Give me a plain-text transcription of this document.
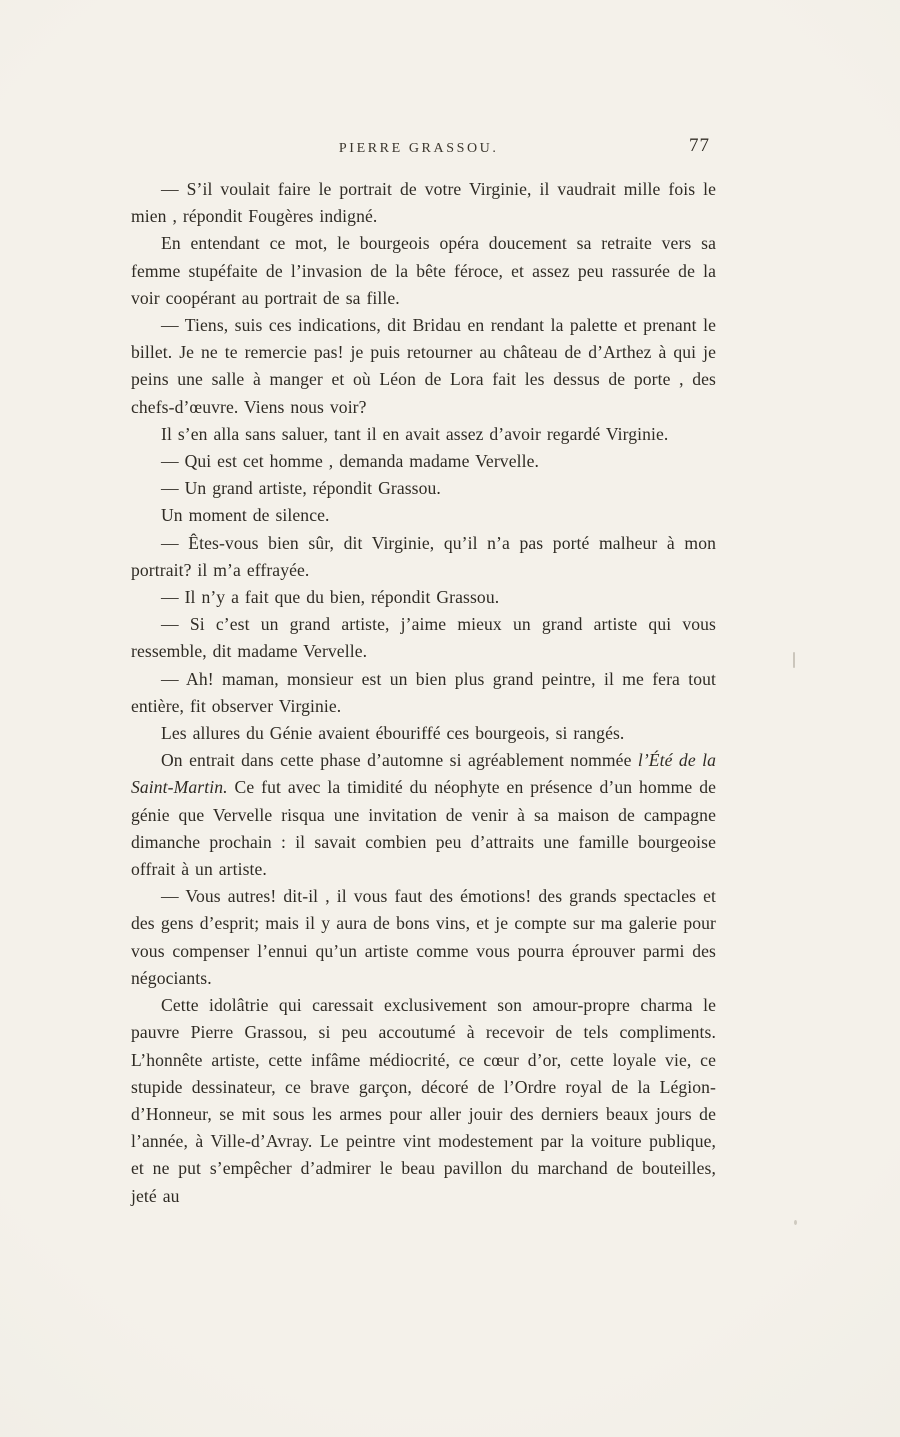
PIERRE GRASSOU.	77

— S’il voulait faire le portrait de votre Virginie, il vaudrait mille fois le mien , répondit Fougères indigné.

En entendant ce mot, le bourgeois opéra doucement sa retraite vers sa femme stupéfaite de l’invasion de la bête féroce, et assez peu rassurée de la voir coopérant au portrait de sa fille.

— Tiens, suis ces indications, dit Bridau en rendant la palette et prenant le billet. Je ne te remercie pas! je puis retourner au château de d’Arthez à qui je peins une salle à manger et où Léon de Lora fait les dessus de porte , des chefs-d’œuvre. Viens nous voir?

Il s’en alla sans saluer, tant il en avait assez d’avoir regardé Virginie.

— Qui est cet homme , demanda madame Vervelle.

— Un grand artiste, répondit Grassou.

Un moment de silence.

— Êtes-vous bien sûr, dit Virginie, qu’il n’a pas porté malheur à mon portrait? il m’a effrayée.

— Il n’y a fait que du bien, répondit Grassou.

— Si c’est un grand artiste, j’aime mieux un grand artiste qui vous ressemble, dit madame Vervelle.

— Ah! maman, monsieur est un bien plus grand peintre, il me fera tout entière, fit observer Virginie.

Les allures du Génie avaient ébouriffé ces bourgeois, si rangés.

On entrait dans cette phase d’automne si agréablement nommée l’Été de la Saint-Martin. Ce fut avec la timidité du néophyte en présence d’un homme de génie que Vervelle risqua une invitation de venir à sa maison de campagne dimanche prochain : il savait combien peu d’attraits une famille bourgeoise offrait à un artiste.

— Vous autres! dit-il , il vous faut des émotions! des grands spectacles et des gens d’esprit; mais il y aura de bons vins, et je compte sur ma galerie pour vous compenser l’ennui qu’un artiste comme vous pourra éprouver parmi des négociants.

Cette idolâtrie qui caressait exclusivement son amour-propre charma le pauvre Pierre Grassou, si peu accoutumé à recevoir de tels compliments. L’honnête artiste, cette infâme médiocrité, ce cœur d’or, cette loyale vie, ce stupide dessinateur, ce brave garçon, décoré de l’Ordre royal de la Légion-d’Honneur, se mit sous les armes pour aller jouir des derniers beaux jours de l’année, à Ville-d’Avray. Le peintre vint modestement par la voiture publique, et ne put s’empêcher d’admirer le beau pavillon du marchand de bouteilles, jeté au
